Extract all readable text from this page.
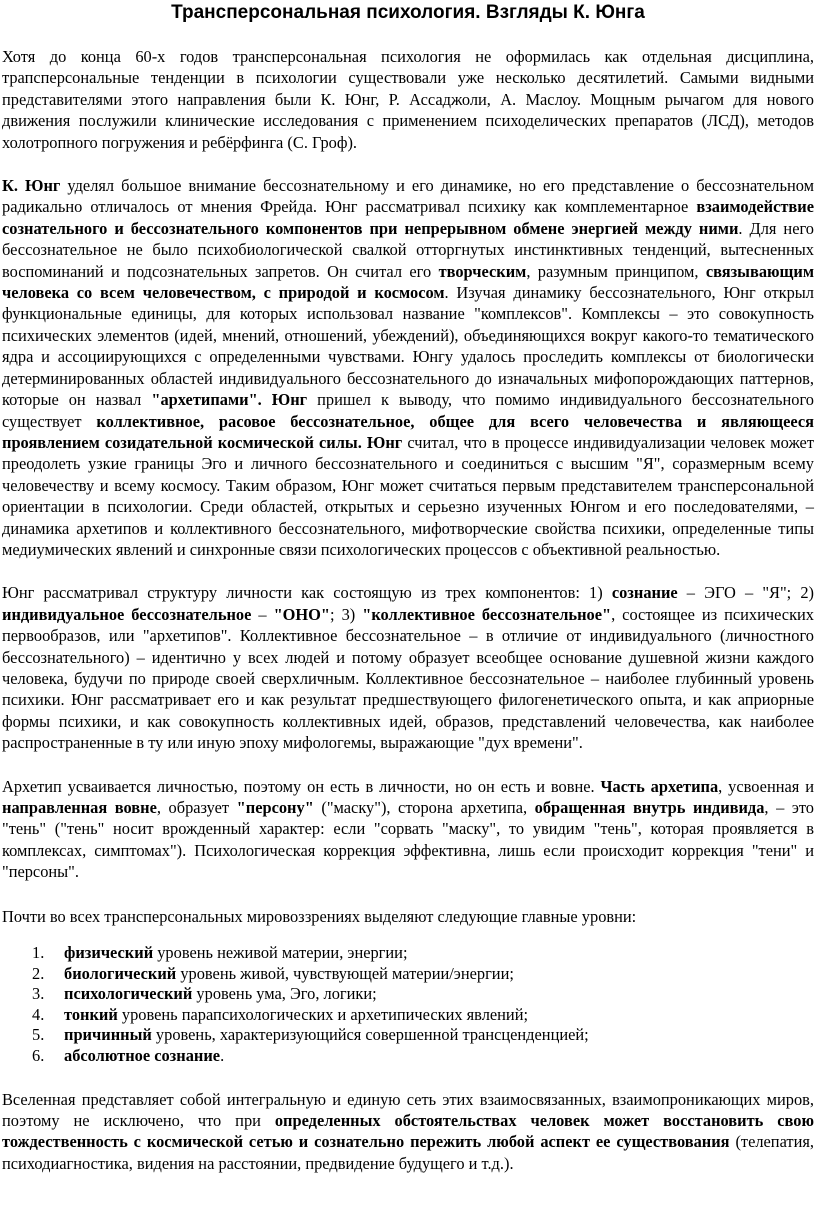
Трансперсональная психология. Взгляды К. Юнга

Хотя до конца 60-х годов трансперсональная психология не оформилась как отдельная дисциплина, трапсперсональные тенденции в психологии существовали уже несколько десятилетий. Самыми видными представителями этого направления были К. Юнг, Р. Ассаджоли, А. Маслоу. Мощным рычагом для нового движения послужили клинические исследования с применением психоделических препаратов (ЛСД), методов холотропного погружения и ребёрфинга (С. Гроф).

К. Юнг уделял большое внимание бессознательному и его динамике, но его представление о бессознательном радикально отличалось от мнения Фрейда. Юнг рассматривал психику как комплементарное взаимодействие сознательного и бессознательного компонентов при непрерывном обмене энергией между ними. Для него бессознательное не было психобиологической свалкой отторгнутых инстинктивных тенденций, вытесненных воспоминаний и подсознательных запретов. Он считал его творческим, разумным принципом, связывающим человека со всем человечеством, с природой и космосом. Изучая динамику бессознательного, Юнг открыл функциональные единицы, для которых использовал название "комплексов". Комплексы – это совокупность психических элементов (идей, мнений, отношений, убеждений), объединяющихся вокруг какого-то тематического ядра и ассоциирующихся с определенными чувствами. Юнгу удалось проследить комплексы от биологически детерминированных областей индивидуального бессознательного до изначальных мифопорождающих паттернов, которые он назвал "архетипами". Юнг пришел к выводу, что помимо индивидуального бессознательного существует коллективное, расовое бессознательное, общее для всего человечества и являющееся проявлением созидательной космической силы. Юнг считал, что в процессе индивидуализации человек может преодолеть узкие границы Эго и личного бессознательного и соединиться с высшим "Я", соразмерным всему человечеству и всему космосу. Таким образом, Юнг может считаться первым представителем трансперсональной ориентации в психологии. Среди областей, открытых и серьезно изученных Юнгом и его последователями, – динамика архетипов и коллективного бессознательного, мифотворческие свойства психики, определенные типы медиумических явлений и синхронные связи психологических процессов с объективной реальностью.

Юнг рассматривал структуру личности как состоящую из трех компонентов: 1) сознание – ЭГО – "Я"; 2) индивидуальное бессознательное – "ОНО"; 3) "коллективное бессознательное", состоящее из психических первообразов, или "архетипов". Коллективное бессознательное – в отличие от индивидуального (личностного бессознательного) – идентично у всех людей и потому образует всеобщее основание душевной жизни каждого человека, будучи по природе своей сверхличным. Коллективное бессознательное – наиболее глубинный уровень психики. Юнг рассматривает его и как результат предшествующего филогенетического опыта, и как априорные формы психики, и как совокупность коллективных идей, образов, представлений человечества, как наиболее распространенные в ту или иную эпоху мифологемы, выражающие "дух времени".

Архетип усваивается личностью, поэтому он есть в личности, но он есть и вовне. Часть архетипа, усвоенная и направленная вовне, образует "персону" ("маску"), сторона архетипа, обращенная внутрь индивида, – это "тень" ("тень" носит врожденный характер: если "сорвать "маску", то увидим "тень", которая проявляется в комплексах, симптомах"). Психологическая коррекция эффективна, лишь если происходит коррекция "тени" и "персоны".

Почти во всех трансперсональных мировоззрениях выделяют следующие главные уровни:

1.	физический уровень неживой материи, энергии;
2.	биологический уровень живой, чувствующей материи/энергии;
3.	психологический уровень ума, Эго, логики;
4.	тонкий уровень парапсихологических и архетипических явлений;
5.	причинный уровень, характеризующийся совершенной трансценденцией;
6.	абсолютное сознание.

Вселенная представляет собой интегральную и единую сеть этих взаимосвязанных, взаимопроникающих миров, поэтому не исключено, что при определенных обстоятельствах человек может восстановить свою тождественность с космической сетью и сознательно пережить любой аспект ее существования (телепатия, психодиагностика, видения на расстоянии, предвидение будущего и т.д.).
